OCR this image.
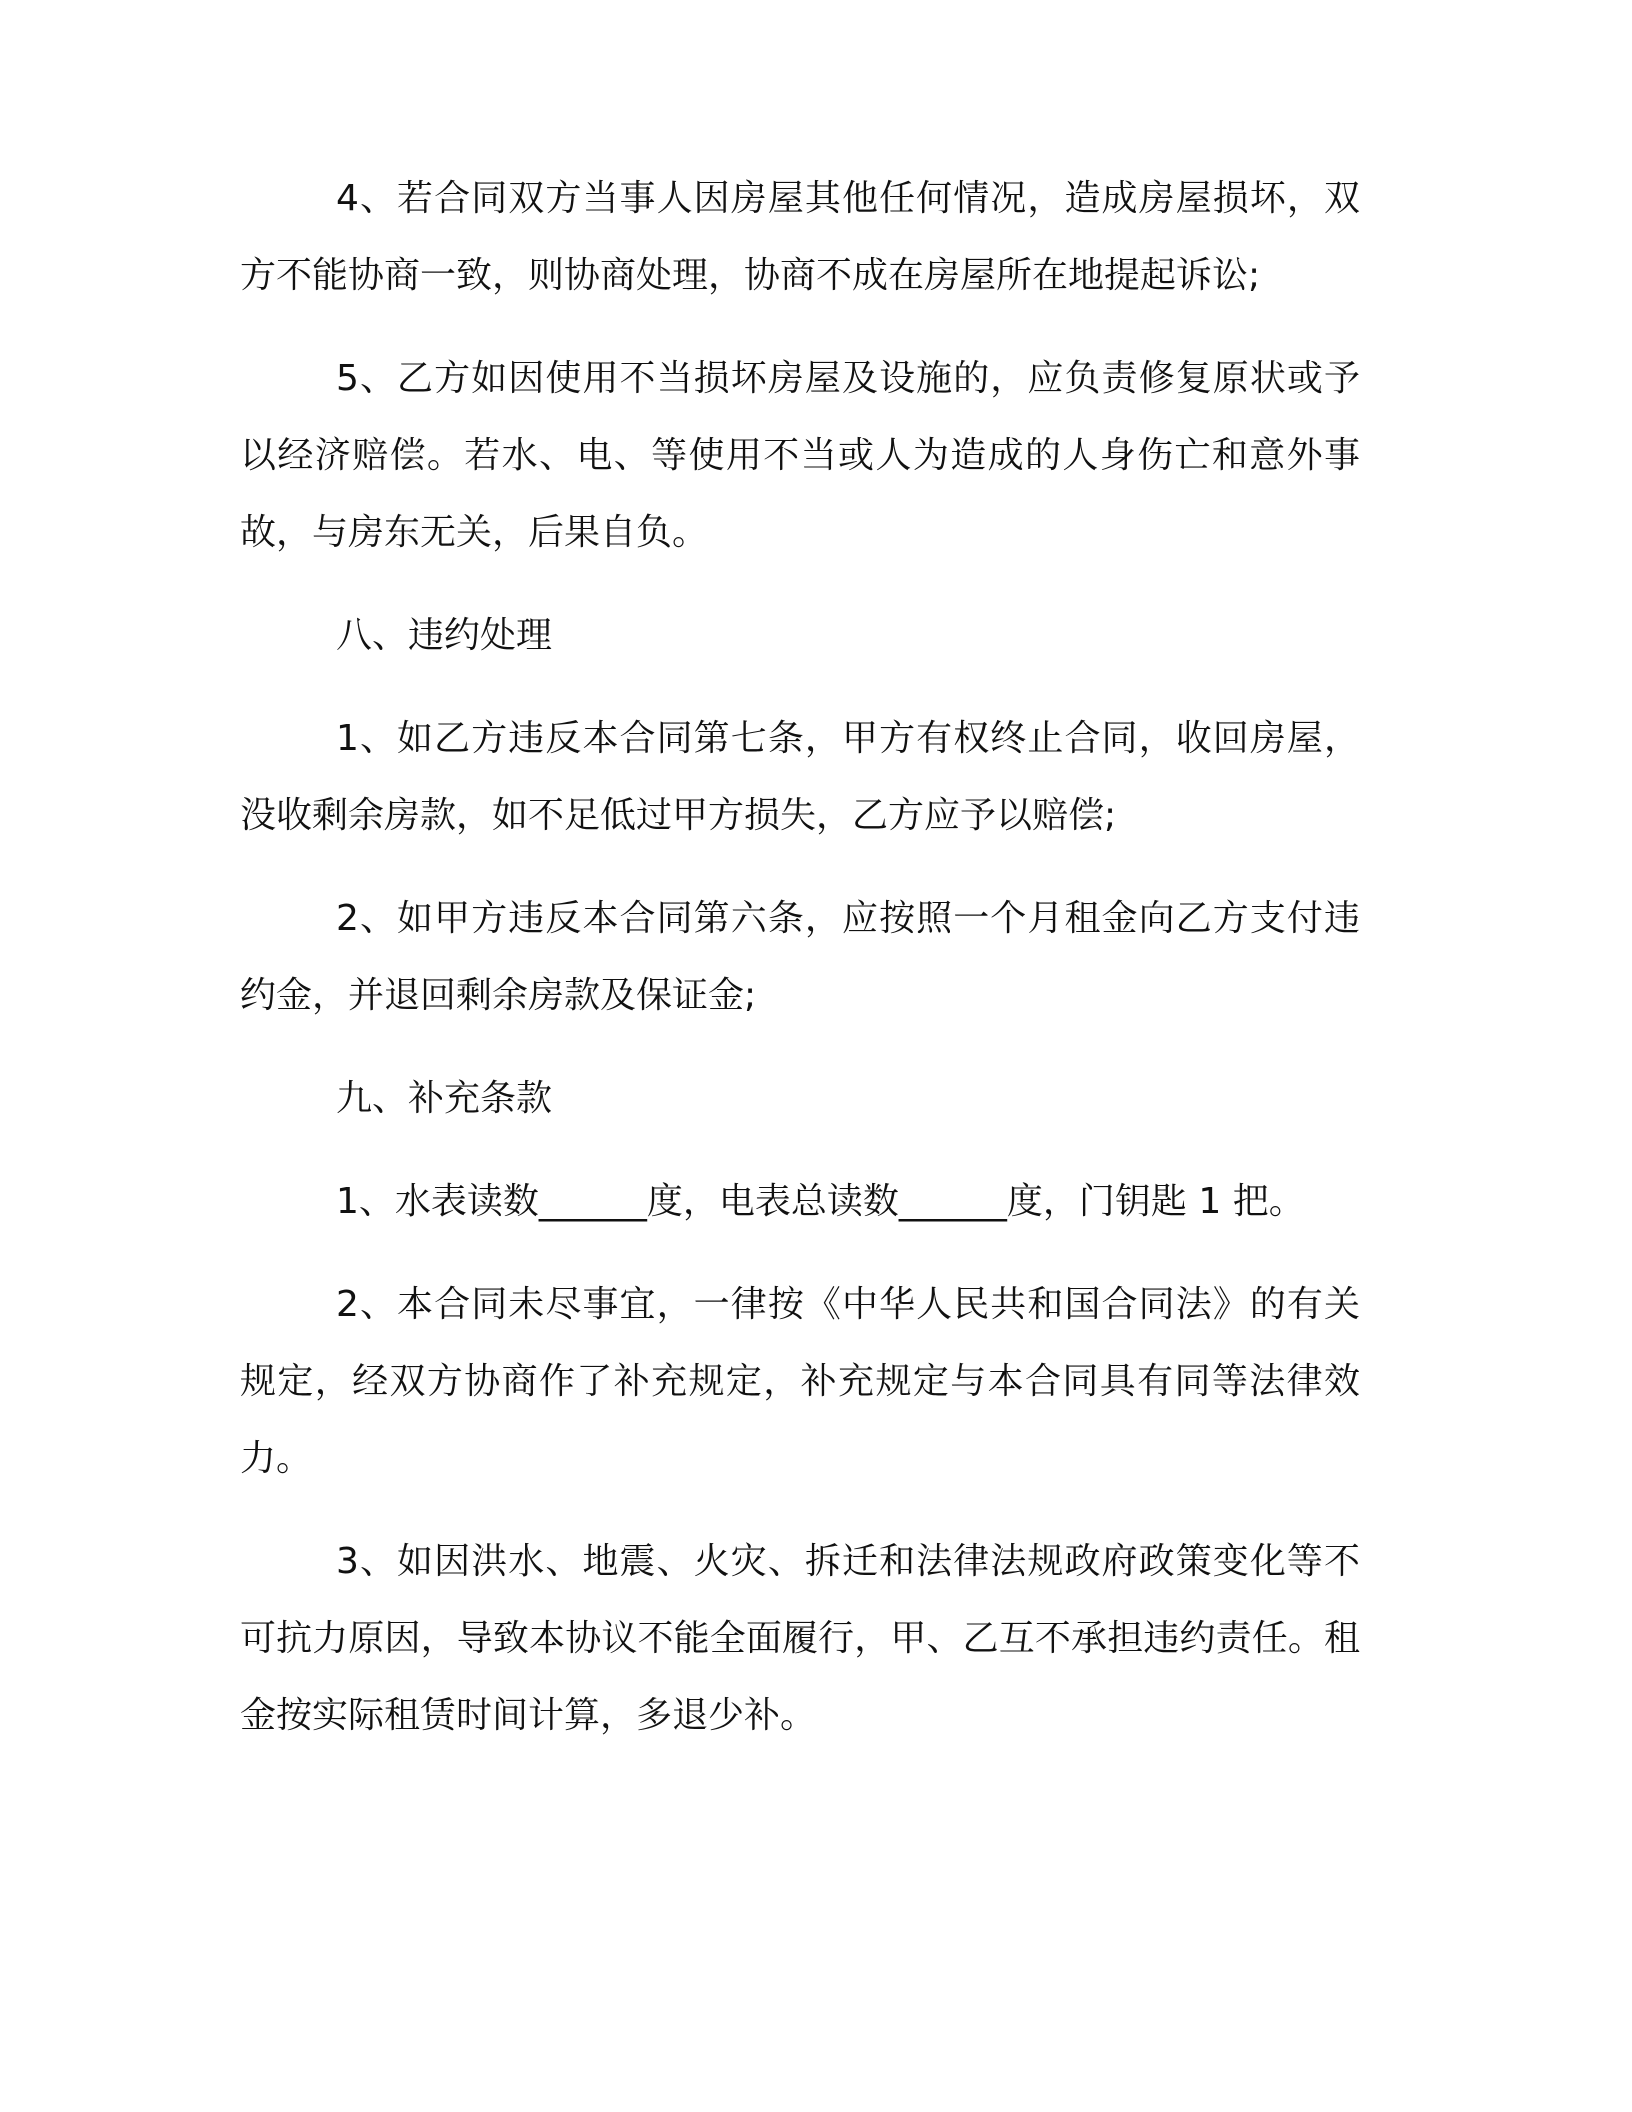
4、若合同双方当事人因房屋其他任何情况，造成房屋损坏，双方不能协商一致，则协商处理，协商不成在房屋所在地提起诉讼;

5、乙方如因使用不当损坏房屋及设施的，应负责修复原状或予以经济赔偿。若水、电、等使用不当或人为造成的人身伤亡和意外事故，与房东无关，后果自负。

八、违约处理

1、如乙方违反本合同第七条，甲方有权终止合同，收回房屋，没收剩余房款，如不足低过甲方损失，乙方应予以赔偿;

2、如甲方违反本合同第六条，应按照一个月租金向乙方支付违约金，并退回剩余房款及保证金;

九、补充条款

1、水表读数______度，电表总读数______度，门钥匙 1 把。

2、本合同未尽事宜，一律按《中华人民共和国合同法》的有关规定，经双方协商作了补充规定，补充规定与本合同具有同等法律效力。

3、如因洪水、地震、火灾、拆迁和法律法规政府政策变化等不可抗力原因，导致本协议不能全面履行，甲、乙互不承担违约责任。租金按实际租赁时间计算，多退少补。
